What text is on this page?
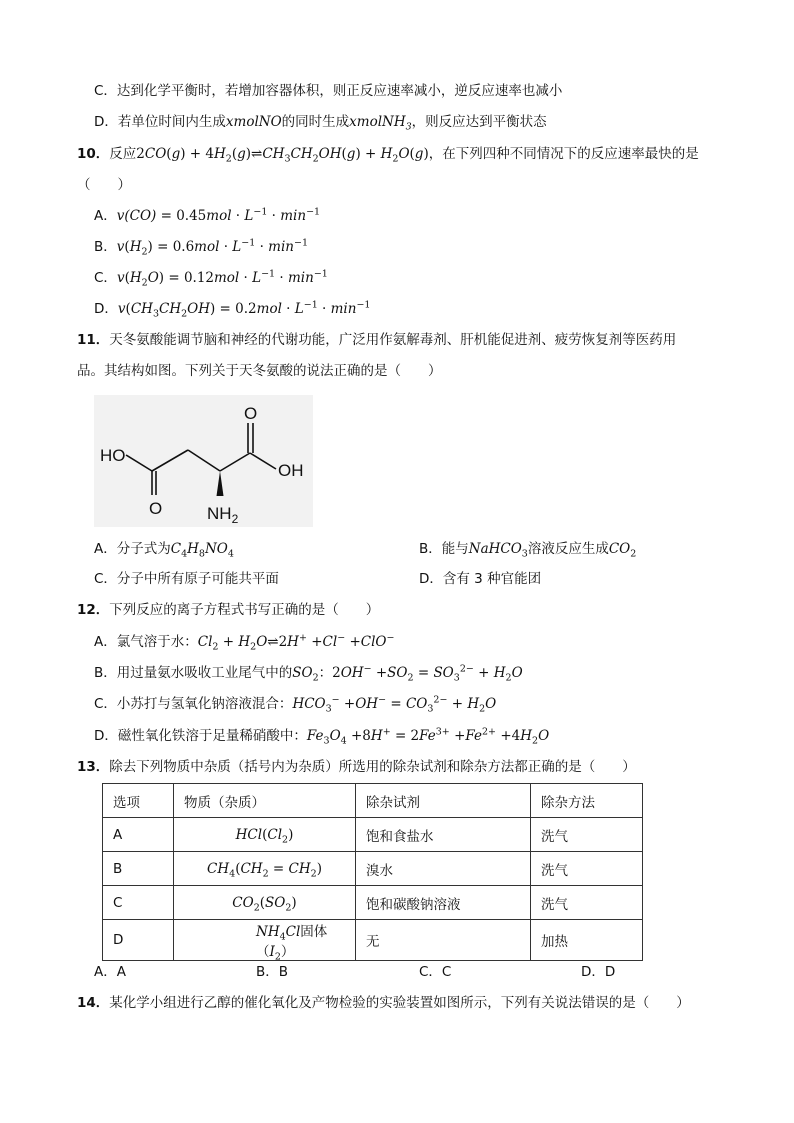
C．达到化学平衡时，若增加容器体积，则正反应速率减小，逆反应速率也减小
D．若单位时间内生成xmolNO的同时生成xmolNH$_3$，则反应达到平衡状态
10．反应$2CO(g) + 4H_2(g)\rightleftharpoons CH_3CH_2OH(g) + H_2O(g)$，在下列四种不同情况下的反应速率最快的是
（　　）
A．$v(CO) = 0.45mol \cdot L^{-1} \cdot \min^{-1}$
B．$v(H_2) = 0.6mol \cdot L^{-1} \cdot \min^{-1}$
C．$v(H_2O) = 0.12mol \cdot L^{-1} \cdot \min^{-1}$
D．$v(CH_3CH_2OH) = 0.2mol \cdot L^{-1} \cdot \min^{-1}$
11．天冬氨酸能调节脑和神经的代谢功能，广泛用作氨解毒剂、肝机能促进剂、疲劳恢复剂等医药用
品。其结构如图。下列关于天冬氨酸的说法正确的是（　　）
HO
OH
O
O	$NH_2$
A．分子式为$C_4H_8NO_4$	B．能与NaHCO$_3$溶液反应生成$CO_2$
C．分子中所有原子可能共平面	D．含有 3 种官能团
12．下列反应的离子方程式书写正确的是（　　）
A．氯气溶于水：$Cl_2$ + $H_2O\rightleftharpoons 2H^+ +Cl^- +ClO^-$
B．用过量氨水吸收工业尾气中的$SO_2$：$2OH^- +SO_2 = SO_3^{2-} + H_2O$
C．小苏打与氢氧化钠溶液混合：$HCO_3^- +OH^- = CO_3^{2-} + H_2O$
D．磁性氧化铁溶于足量稀硝酸中：$Fe_3O_4 +8H^+ = 2Fe^{3+} +Fe^{2+} +4H_2O$
13．除去下列物质中杂质（括号内为杂质）所选用的除杂试剂和除杂方法都正确的是（　　）
选项	物质（杂质）	除杂试剂	除杂方法
A	$HCl(Cl_2)$	饱和食盐水	洗气
B	$CH_4(CH_2 = CH_2)$	溴水	洗气
C	$CO_2(SO_2)$	饱和碳酸钠溶液	洗气
D	$NH_4Cl$固体$(I_2)$	无	加热
A．A	B．B	C．C	D．D
14．某化学小组进行乙醇的催化氧化及产物检验的实验装置如图所示，下列有关说法错误的是（　　）
